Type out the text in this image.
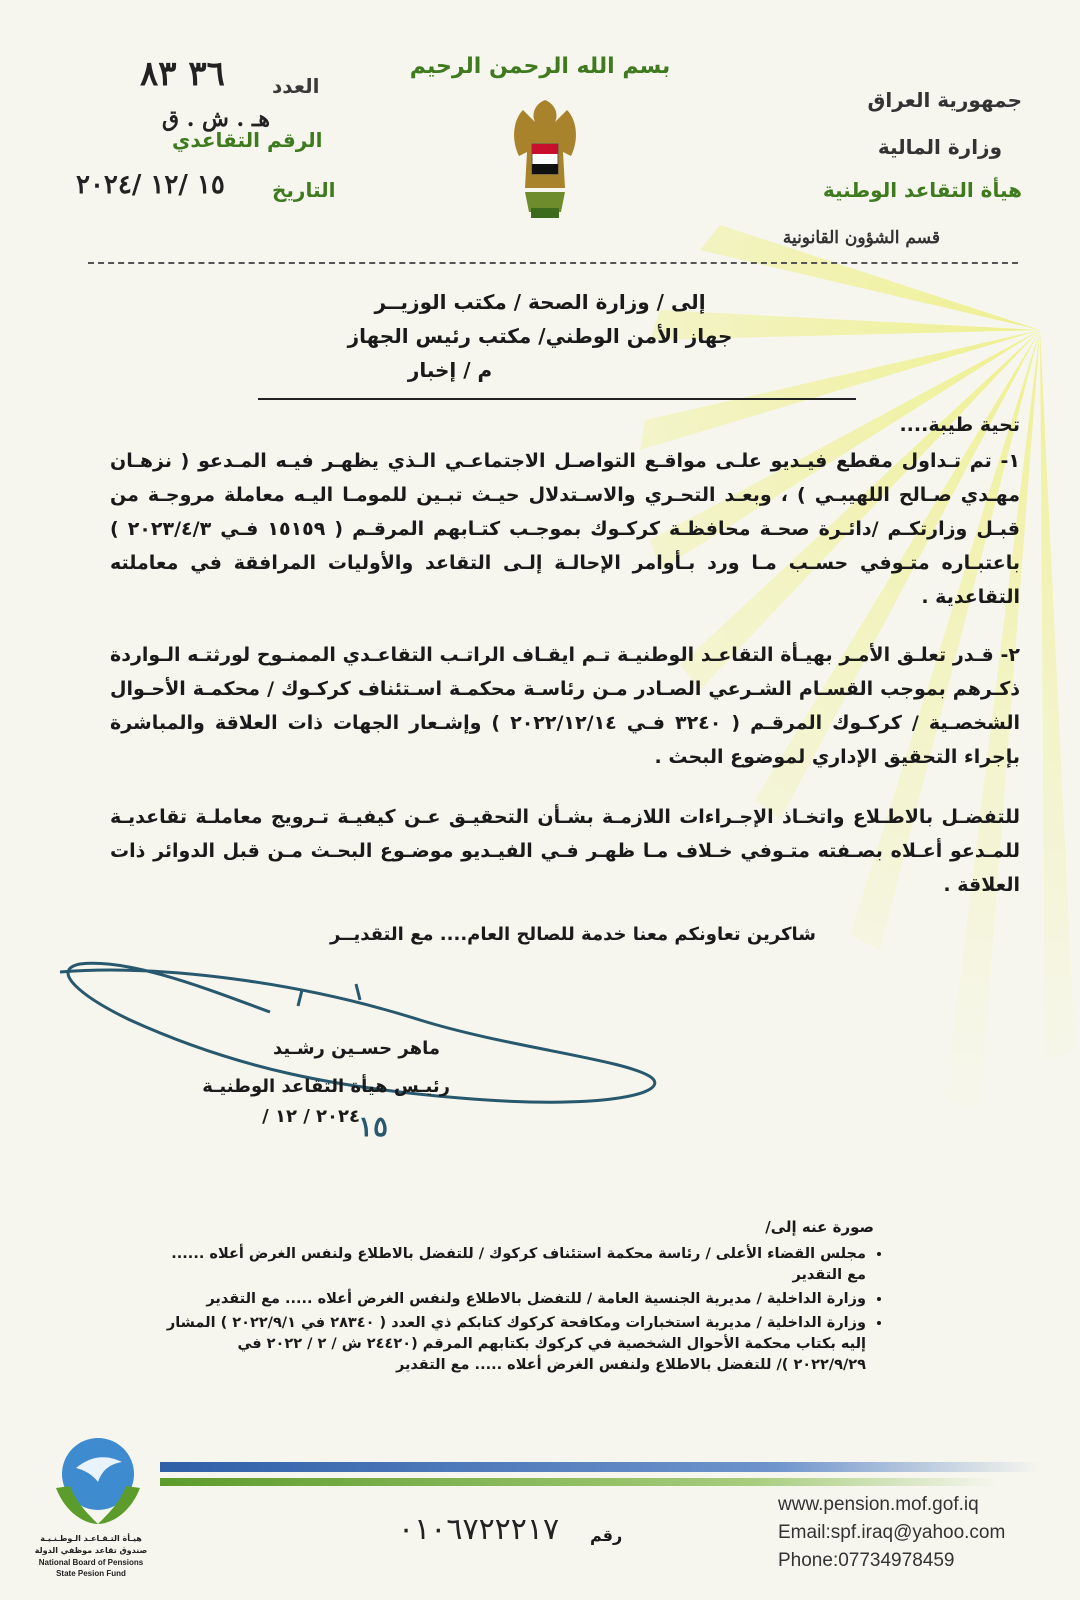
بسم الله الرحمن الرحيم
جمهورية العراق
وزارة المالية
هيأة التقاعد الوطنية
قسم الشؤون القانونية
العدد
٣٦ ٨٣
هـ . ش . ق
الرقم التقاعدي
التاريخ
١٥ /١٢ /٢٠٢٤
إلى / وزارة الصحة / مكتب الوزيــر
جهاز الأمن الوطني/ مكتب رئيس الجهاز
م / إخبار
تحية طيبة....
١- تم تـداول مقطع فيـديو علـى مواقـع التواصـل الاجتماعـي الـذي يظهـر فيـه المـدعو ( نزهـان مهـدي صـالح اللهيبـي ) ، وبعـد التحـري والاسـتدلال حيـث تبـين للمومـا اليـه معاملة مروجـة من قبـل وزارتكـم /دائـرة صحـة محافظـة كركـوك بموجـب كتـابهم المرقـم ( ١٥١٥٩ فـي ٢٠٢٣/٤/٣ ) باعتبـاره متـوفي حسـب مـا ورد بـأوامر الإحالـة إلـى التقاعد والأوليات المرافقة في معاملته التقاعدية .
٢- قـدر تعلـق الأمـر بهيـأة التقاعـد الوطنيـة تـم ايقـاف الراتـب التقاعـدي الممنـوح لورثتـه الـواردة ذكـرهم بموجب القسـام الشـرعي الصـادر مـن رئاسـة محكمـة اسـتئناف كركـوك / محكمـة الأحـوال الشخصـية / كركـوك المرقـم ( ٣٢٤٠ فـي ٢٠٢٢/١٢/١٤ ) وإشـعار الجهات ذات العلاقة والمباشرة بإجراء التحقيق الإداري لموضوع البحث .
للتفضـل بالاطـلاع واتخـاذ الإجـراءات اللازمـة بشـأن التحقيـق عـن كيفيـة تـرويج معاملـة تقاعديـة للمـدعو أعـلاه بصـفته متـوفي خـلاف مـا ظهـر فـي الفيـديو موضـوع البحـث مـن قبل الدوائر ذات العلاقة .
شاكرين تعاونكم معنا خدمة للصالح العام.... مع التقديــر
ماهر حسـين رشـيد
رئيـس هيأة التقاعد الوطنيـة
٢٠٢٤ / ١٢ /
١٥
صورة عنه إلى/
• مجلس القضاء الأعلى / رئاسة محكمة استئناف كركوك / للتفضل بالاطلاع ولنفس الغرض أعلاه ...... مع التقدير
• وزارة الداخلية / مديرية الجنسية العامة / للتفضل بالاطلاع ولنفس الغرض أعلاه ..... مع التقدير
• وزارة الداخلية / مديرية استخبارات ومكافحة كركوك كتابكم ذي العدد ( ٢٨٣٤٠ في ٢٠٢٢/٩/١ ) المشار إليه بكتاب محكمة الأحوال الشخصية في كركوك بكتابهم المرقم (٢٤٤٢٠ ش / ٢ / ٢٠٢٢ في ٢٠٢٢/٩/٢٩ )/ للتفضل بالاطلاع ولنفس الغرض أعلاه ..... مع التقدير
هيـأة التـقـاعـد الـوطـنـيـة
صندوق تقاعد موظفي الدولة
National Board of Pensions
State Pesion Fund
رقم
٠١٠٦٧٢٢٢١٧
www.pension.mof.gof.iq
Email:spf.iraq@yahoo.com
Phone:07734978459
